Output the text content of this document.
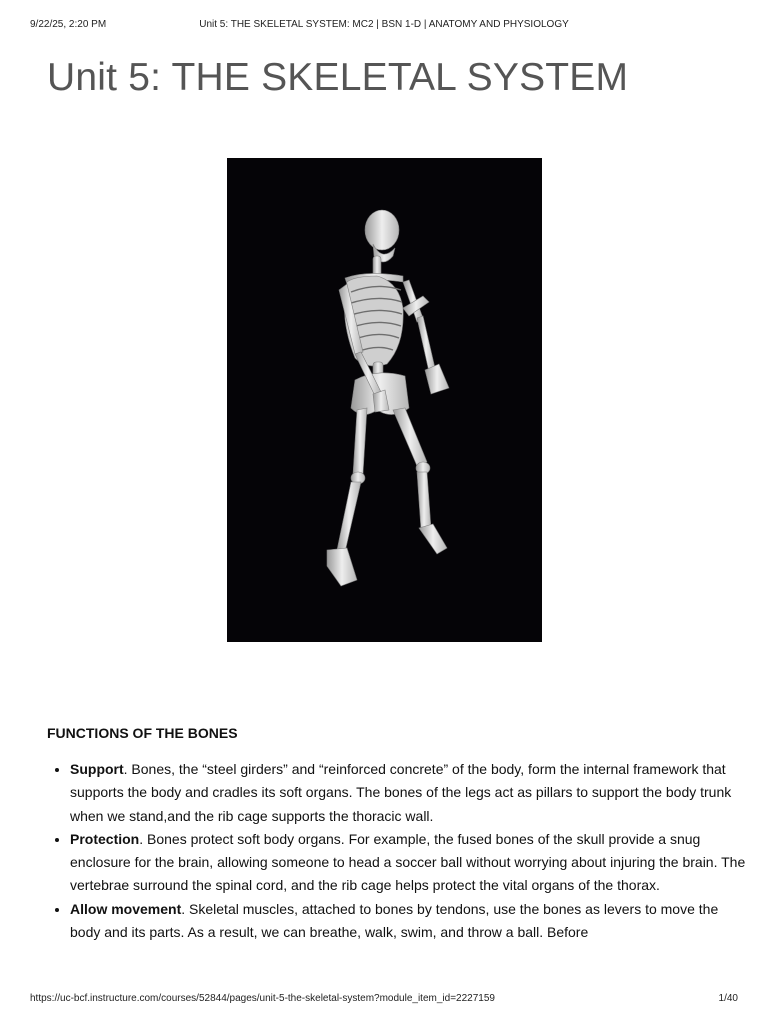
9/22/25, 2:20 PM	Unit 5: THE SKELETAL SYSTEM: MC2 | BSN 1-D | ANATOMY AND PHYSIOLOGY
Unit 5: THE SKELETAL SYSTEM
FUNCTIONS OF THE BONES
• Support. Bones, the “steel girders” and “reinforced concrete” of the body, form the internal framework that supports the body and cradles its soft organs. The bones of the legs act as pillars to support the body trunk when we stand,and the rib cage supports the thoracic wall.
• Protection. Bones protect soft body organs. For example, the fused bones of the skull provide a snug enclosure for the brain, allowing someone to head a soccer ball without worrying about injuring the brain. The vertebrae surround the spinal cord, and the rib cage helps protect the vital organs of the thorax.
• Allow movement. Skeletal muscles, attached to bones by tendons, use the bones as levers to move the body and its parts. As a result, we can breathe, walk, swim, and throw a ball. Before
https://uc-bcf.instructure.com/courses/52844/pages/unit-5-the-skeletal-system?module_item_id=2227159	1/40
